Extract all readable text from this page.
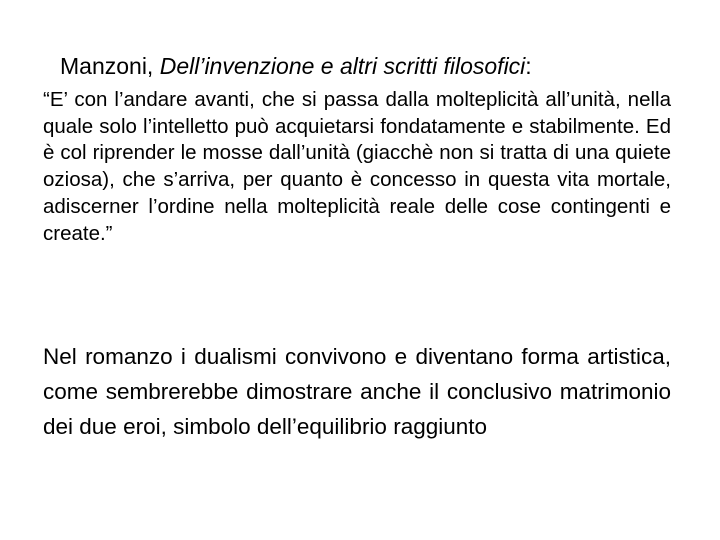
Manzoni, Dell’invenzione e altri scritti filosofici:
“E’ con l’andare avanti, che si passa dalla molteplicità all’unità, nella quale solo l’intelletto può acquietarsi fondatamente e stabilmente. Ed è col riprender le mosse dall’unità (giacchè non si tratta di una quiete oziosa), che s’arriva, per quanto è concesso in questa vita mortale, adiscerner l’ordine nella molteplicità reale delle cose contingenti e create.”
Nel romanzo i dualismi convivono e diventano forma artistica, come sembrerebbe dimostrare anche il conclusivo matrimonio dei due eroi, simbolo dell’equilibrio raggiunto
